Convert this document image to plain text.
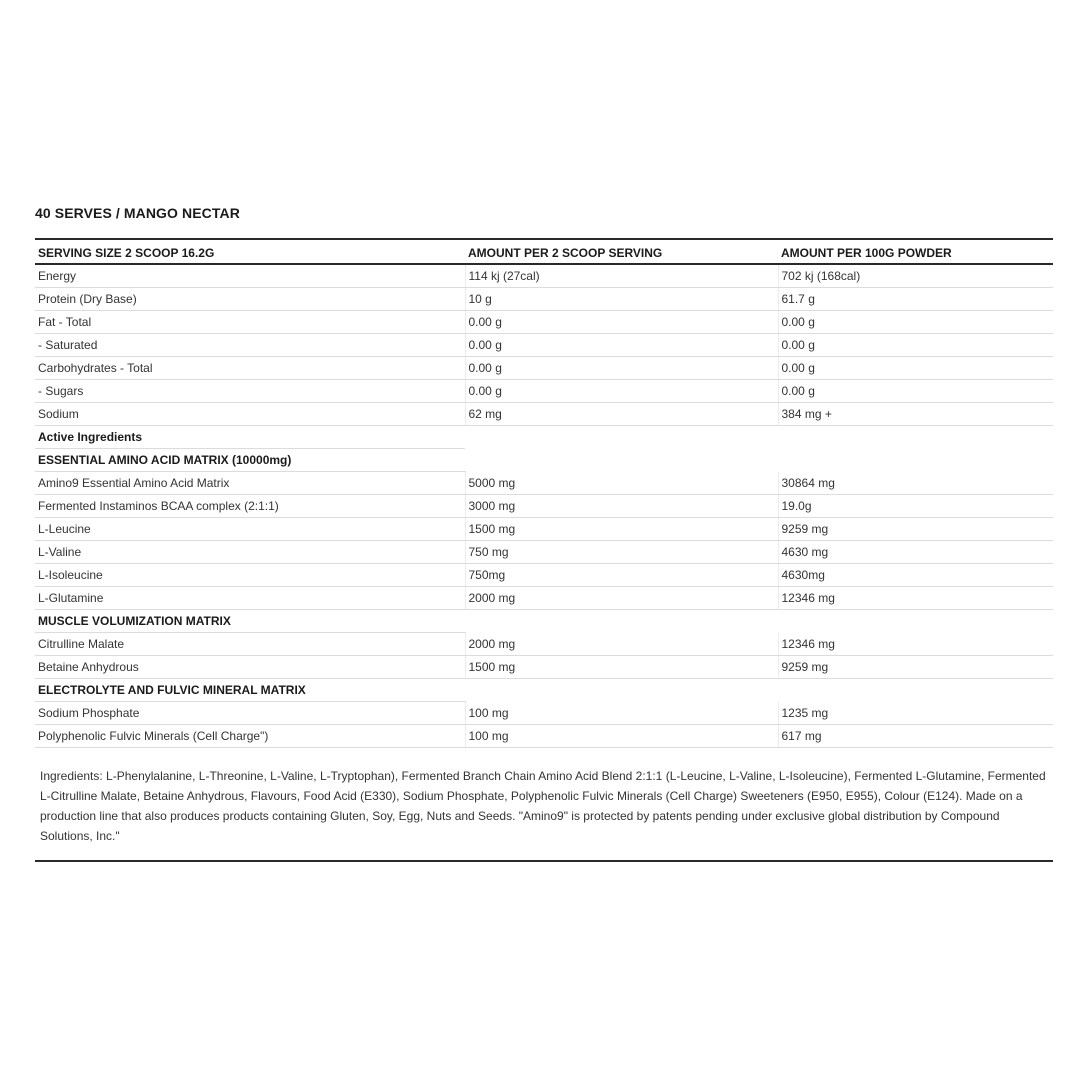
40 SERVES / MANGO NECTAR
SERVING SIZE 2 SCOOP 16.2G	AMOUNT PER 2 SCOOP SERVING	AMOUNT PER 100G POWDER
Energy	114 kj (27cal)	702 kj (168cal)
Protein (Dry Base)	10 g	61.7 g
Fat - Total	0.00 g	0.00 g
- Saturated	0.00 g	0.00 g
Carbohydrates - Total	0.00 g	0.00 g
- Sugars	0.00 g	0.00 g
Sodium	62 mg	384 mg +
Active Ingredients		
ESSENTIAL AMINO ACID MATRIX (10000mg)		
Amino9 Essential Amino Acid Matrix	5000 mg	30864 mg
Fermented Instaminos BCAA complex (2:1:1)	3000 mg	19.0g
L-Leucine	1500 mg	9259 mg
L-Valine	750 mg	4630 mg
L-Isoleucine	750mg	4630mg
L-Glutamine	2000 mg	12346 mg
MUSCLE VOLUMIZATION MATRIX		
Citrulline Malate	2000 mg	12346 mg
Betaine Anhydrous	1500 mg	9259 mg
ELECTROLYTE AND FULVIC MINERAL MATRIX		
Sodium Phosphate	100 mg	1235 mg
Polyphenolic Fulvic Minerals (Cell Charge")	100 mg	617 mg

Ingredients: L-Phenylalanine, L-Threonine, L-Valine, L-Tryptophan), Fermented Branch Chain Amino Acid Blend 2:1:1 (L-Leucine, L-Valine, L-Isoleucine), Fermented L-Glutamine, Fermented L-Citrulline Malate, Betaine Anhydrous, Flavours, Food Acid (E330), Sodium Phosphate, Polyphenolic Fulvic Minerals (Cell Charge) Sweeteners (E950, E955), Colour (E124). Made on a production line that also produces products containing Gluten, Soy, Egg, Nuts and Seeds. "Amino9" is protected by patents pending under exclusive global distribution by Compound Solutions, Inc."
